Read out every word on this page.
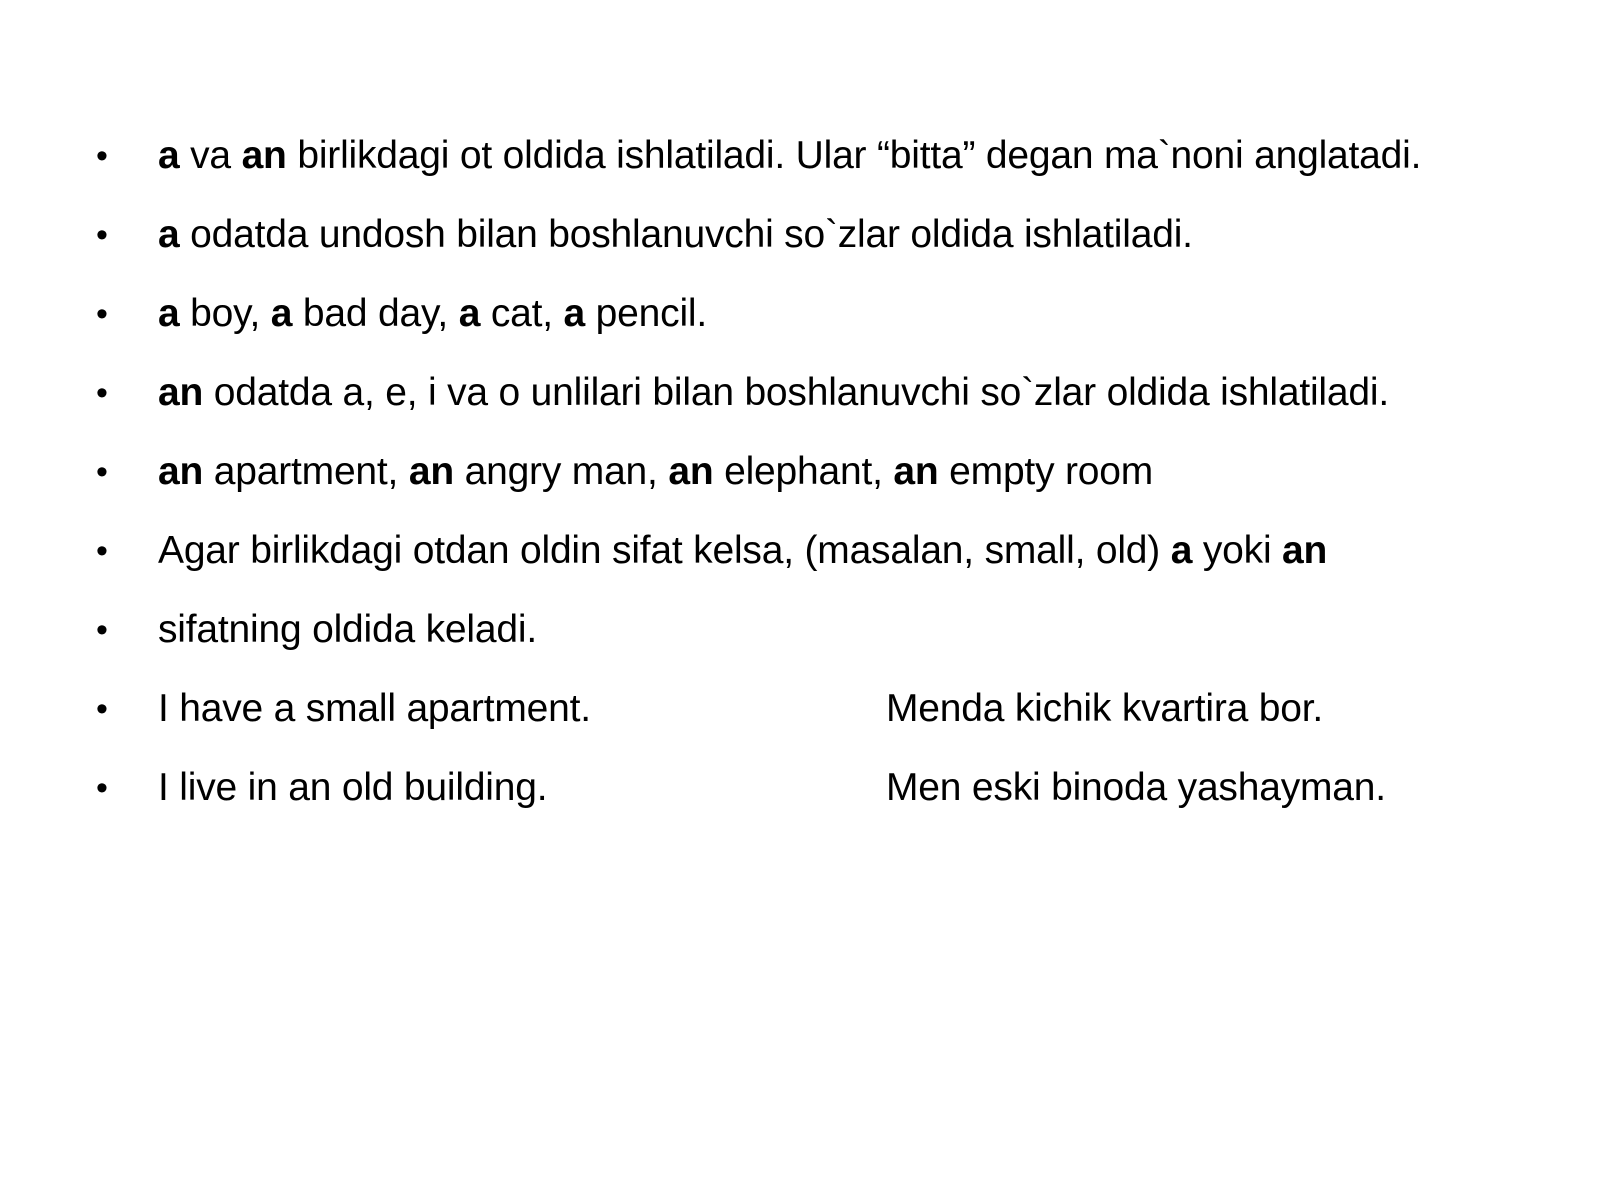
• a va an birlikdagi ot oldida ishlatiladi. Ular “bitta” degan ma`noni anglatadi.
• a odatda undosh bilan boshlanuvchi so`zlar oldida ishlatiladi.
• a boy, a bad day, a cat, a pencil.
• an odatda a, e, i va o unlilari bilan boshlanuvchi so`zlar oldida ishlatiladi.
• an apartment, an angry man, an elephant, an empty room
• Agar birlikdagi otdan oldin sifat kelsa, (masalan, small, old) a yoki an
• sifatning oldida keladi.
• I have a small apartment.	Menda kichik kvartira bor.
• I live in an old building.	Men eski binoda yashayman.
